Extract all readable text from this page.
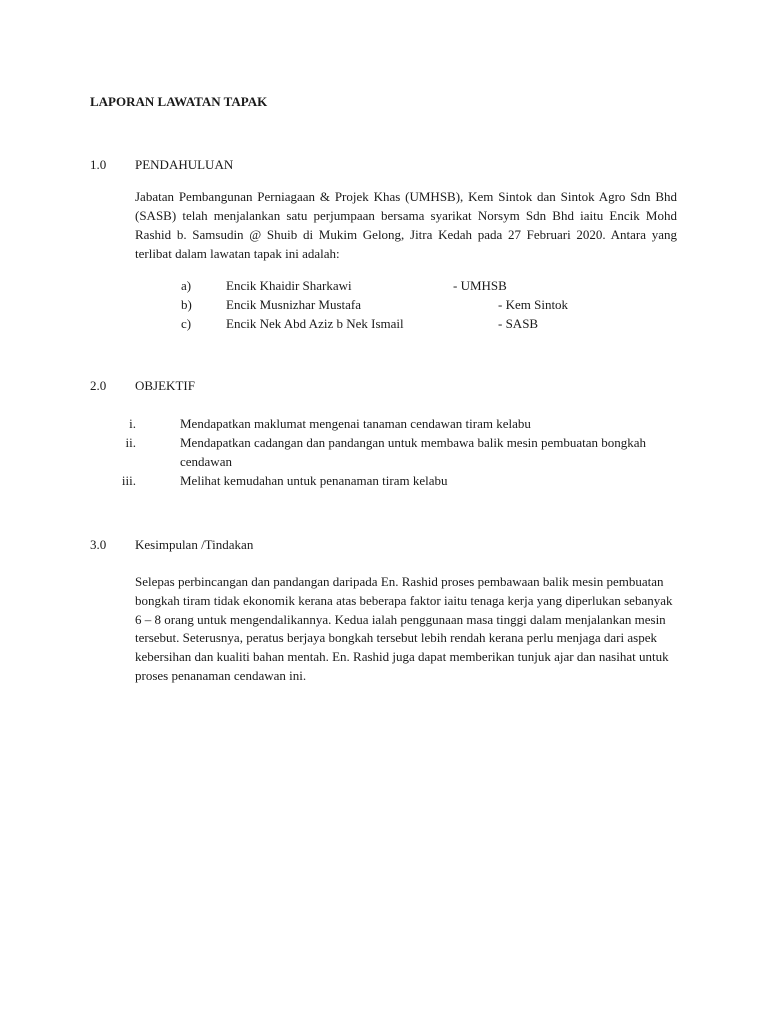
LAPORAN LAWATAN TAPAK
1.0 PENDAHULUAN
Jabatan Pembangunan Perniagaan & Projek Khas (UMHSB), Kem Sintok dan Sintok Agro Sdn Bhd (SASB) telah menjalankan satu perjumpaan bersama syarikat Norsym Sdn Bhd iaitu Encik Mohd Rashid b. Samsudin @ Shuib di Mukim Gelong, Jitra Kedah pada 27 Februari 2020. Antara yang terlibat dalam lawatan tapak ini adalah:
a)	Encik Khaidir Sharkawi	- UMHSB
b)	Encik Musnizhar Mustafa	- Kem Sintok
c)	Encik Nek Abd Aziz b Nek Ismail	- SASB
2.0 OBJEKTIF
i.	Mendapatkan maklumat mengenai tanaman cendawan tiram kelabu
ii.	Mendapatkan cadangan dan pandangan untuk membawa balik mesin pembuatan bongkah cendawan
iii.	Melihat kemudahan untuk penanaman tiram kelabu
3.0 Kesimpulan /Tindakan
Selepas perbincangan dan pandangan daripada En. Rashid proses pembawaan balik mesin pembuatan bongkah tiram tidak ekonomik kerana atas beberapa faktor iaitu tenaga kerja yang diperlukan sebanyak 6 – 8 orang untuk mengendalikannya. Kedua ialah penggunaan masa tinggi dalam menjalankan mesin tersebut. Seterusnya, peratus berjaya bongkah tersebut lebih rendah kerana perlu menjaga dari aspek kebersihan dan kualiti bahan mentah. En. Rashid juga dapat memberikan tunjuk ajar dan nasihat untuk proses penanaman cendawan ini.
